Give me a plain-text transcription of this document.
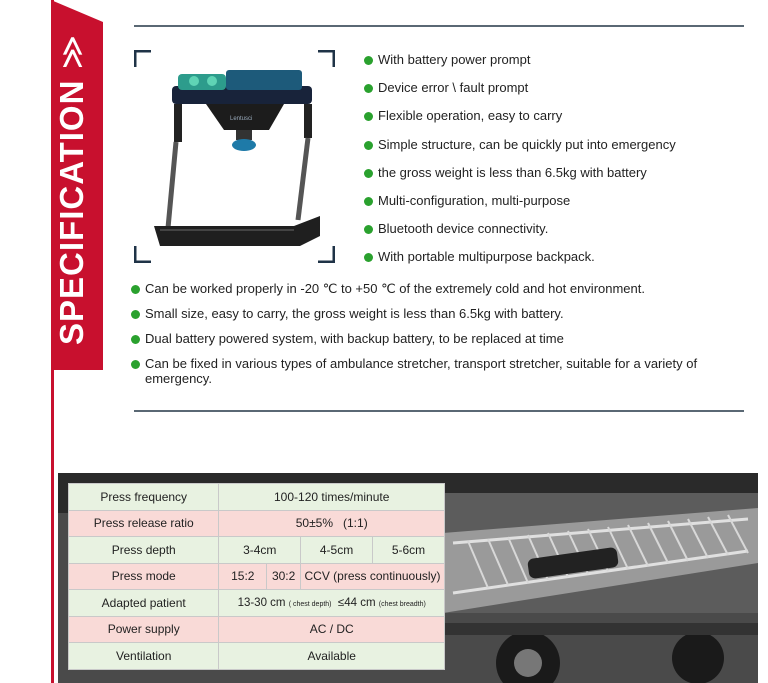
SPECIFICATION ≫
Lentusci
With battery power prompt
Device error \ fault prompt
Flexible operation, easy to carry
Simple structure, can be quickly put into emergency
the gross weight is less than 6.5kg with battery
Multi-configuration, multi-purpose
Bluetooth device connectivity.
With portable multipurpose backpack.
Can be worked properly in -20 ℃ to +50 ℃ of the extremely cold and hot environment.
Small size, easy to carry, the gross weight is less than 6.5kg with battery.
Dual battery powered system, with backup battery, to be replaced at time
Can be fixed in various types of ambulance stretcher, transport stretcher, suitable for a variety of emergency.
Press frequency	100-120 times/minute			
Press release ratio	50±5%   (1:1)			
Press depth	3-4cm		4-5cm	5-6cm
Press mode	15:2	30:2	CCV (press continuously)	
Adapted patient	13-30 cm ( chest depth) ≤44 cm (chest breadth)			
Power supply	AC / DC			
Ventilation	Available			
